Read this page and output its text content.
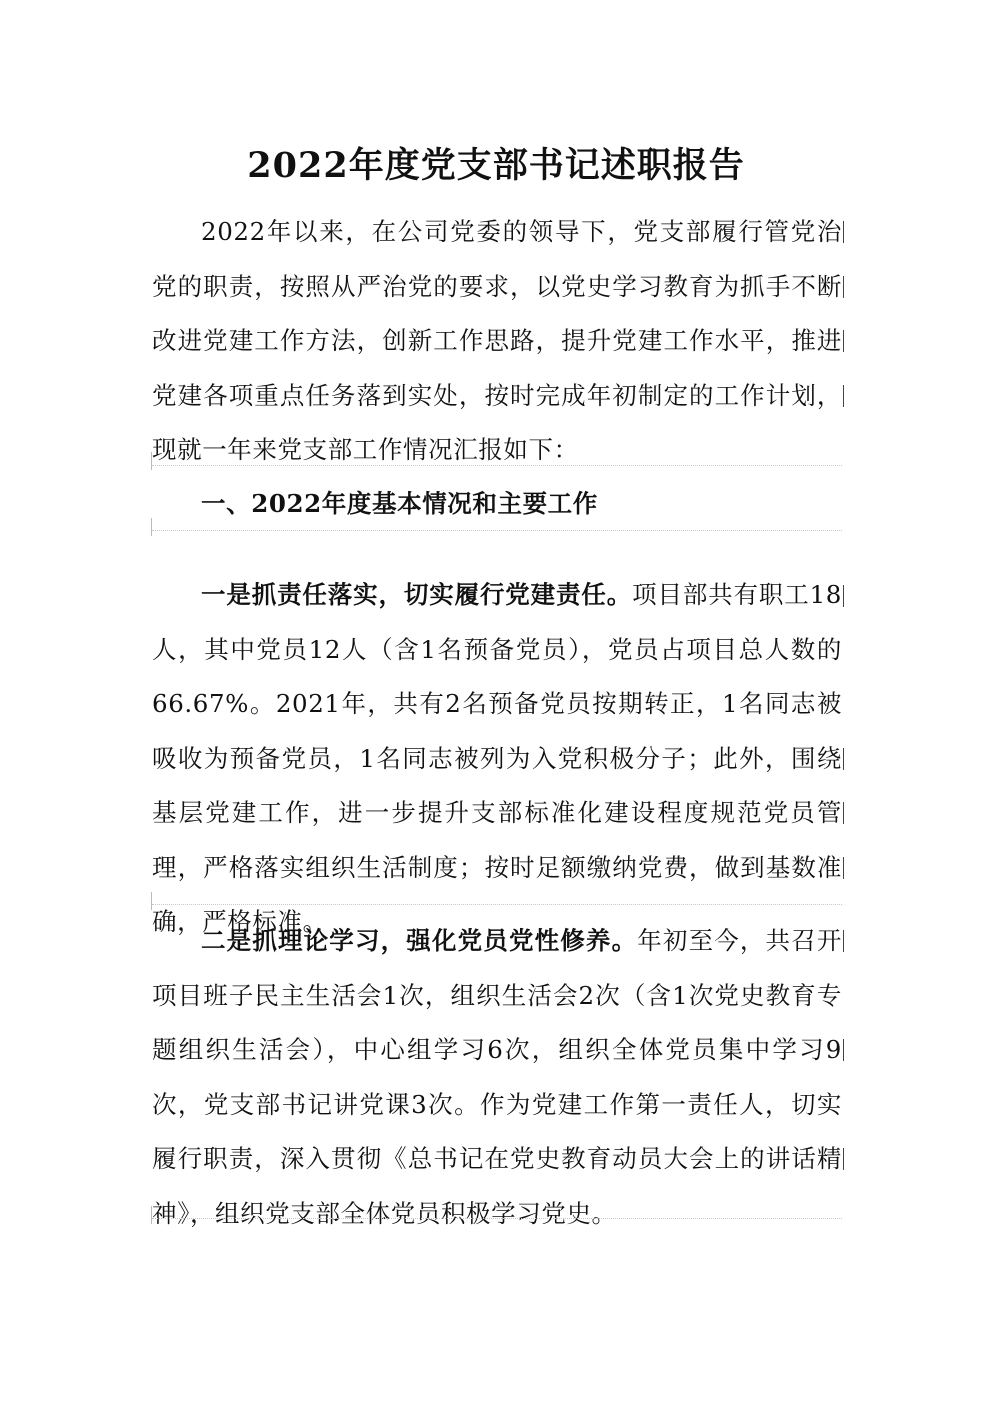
2022年度党支部书记述职报告
2022年以来，在公司党委的领导下，党支部履行管党治党的职责，按照从严治党的要求，以党史学习教育为抓手不断改进党建工作方法，创新工作思路，提升党建工作水平，推进党建各项重点任务落到实处，按时完成年初制定的工作计划，现就一年来党支部工作情况汇报如下：
一、2022年度基本情况和主要工作
一是抓责任落实，切实履行党建责任。项目部共有职工18人，其中党员12人（含1名预备党员），党员占项目总人数的66.67%。2021年，共有2名预备党员按期转正，1名同志被吸收为预备党员，1名同志被列为入党积极分子；此外，围绕基层党建工作，进一步提升支部标准化建设程度规范党员管理，严格落实组织生活制度；按时足额缴纳党费，做到基数准确，严格标准。
二是抓理论学习，强化党员党性修养。年初至今，共召开项目班子民主生活会1次，组织生活会2次（含1次党史教育专题组织生活会），中心组学习6次，组织全体党员集中学习9次，党支部书记讲党课3次。作为党建工作第一责任人，切实履行职责，深入贯彻《总书记在党史教育动员大会上的讲话精神》，组织党支部全体党员积极学习党史。
